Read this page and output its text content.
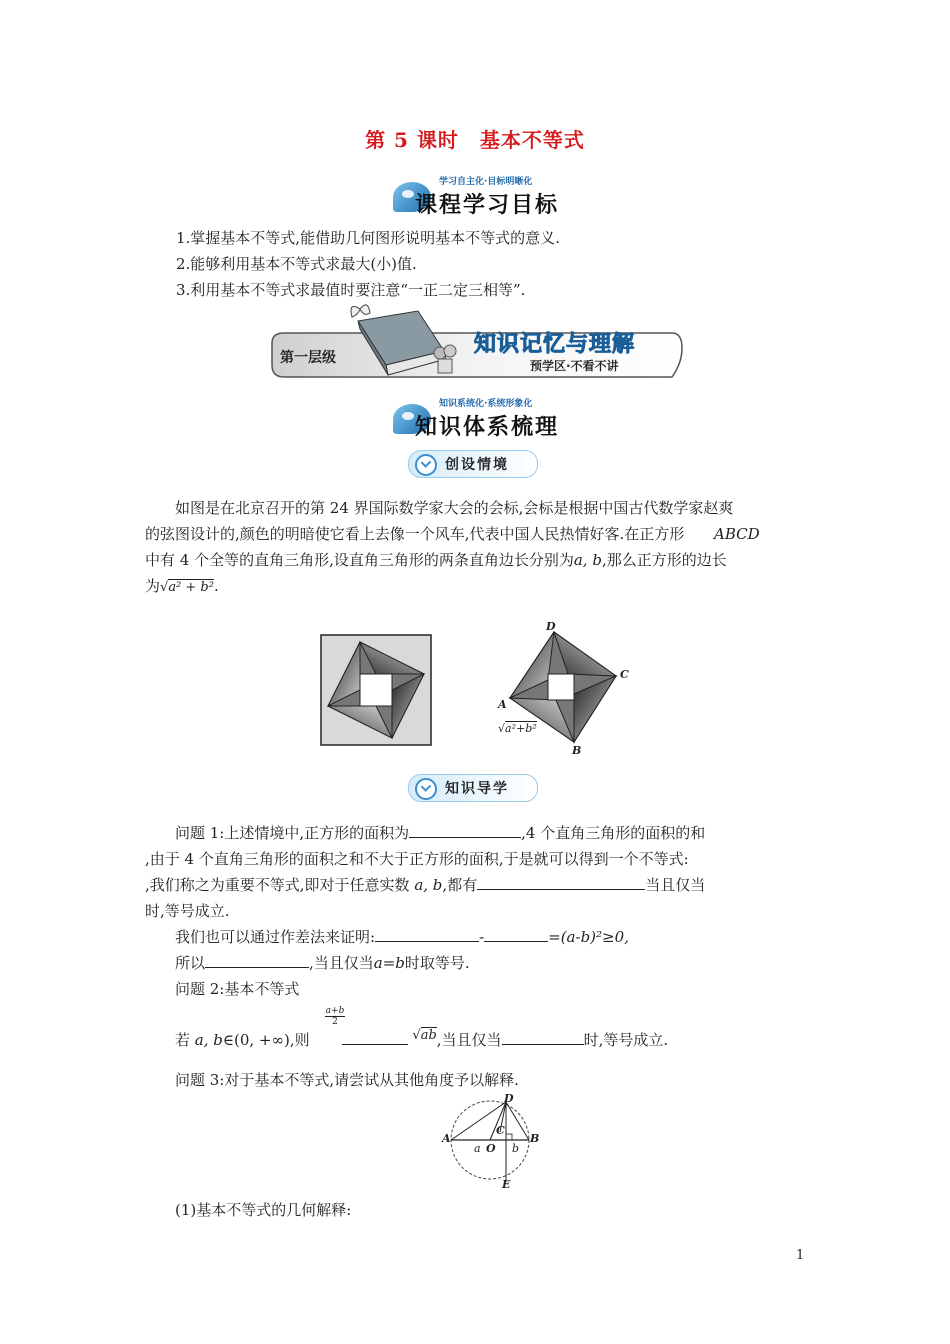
第 5 课时　基本不等式
学习自主化·目标明晰化
课程学习目标
1.掌握基本不等式,能借助几何图形说明基本不等式的意义.
2.能够利用基本不等式求最大(小)值.
3.利用基本不等式求最值时要注意“一正二定三相等”.
第一层级
知识记忆与理解
预学区·不看不讲
知识系统化·系统形象化
知识体系梳理
创设情境
如图是在北京召开的第 24 界国际数学家大会的会标,会标是根据中国古代数学家赵爽
的弦图设计的,颜色的明暗使它看上去像一个风车,代表中国人民热情好客.在正方形
中有 4 个全等的直角三角形,设直角三角形的两条直角边长分别为a, b,那么正方形的边长
为√a² + b².
ABCD
D
C
A
B
√a²+b²
知识导学
问题 1:上述情境中,正方形的面积为	,4 个直角三角形的面积的和
,由于 4 个直角三角形的面积之和不大于正方形的面积,于是就可以得到一个不等式:
,我们称之为重要不等式,即对于任意实数 a, b,都有	当且仅当
时,等号成立.
我们也可以通过作差法来证明:	-	=(a-b)²≥0,
所以	,当且仅当a=b时取等号.
问题 2:基本不等式
$\frac{a+b}{2}$
若 a, b∈(0, +∞),则	√ab,当且仅当	时,等号成立.
问题 3:对于基本不等式,请尝试从其他角度予以解释.
A	B
C
D
E
O
a	b
(1)基本不等式的几何解释:
1
